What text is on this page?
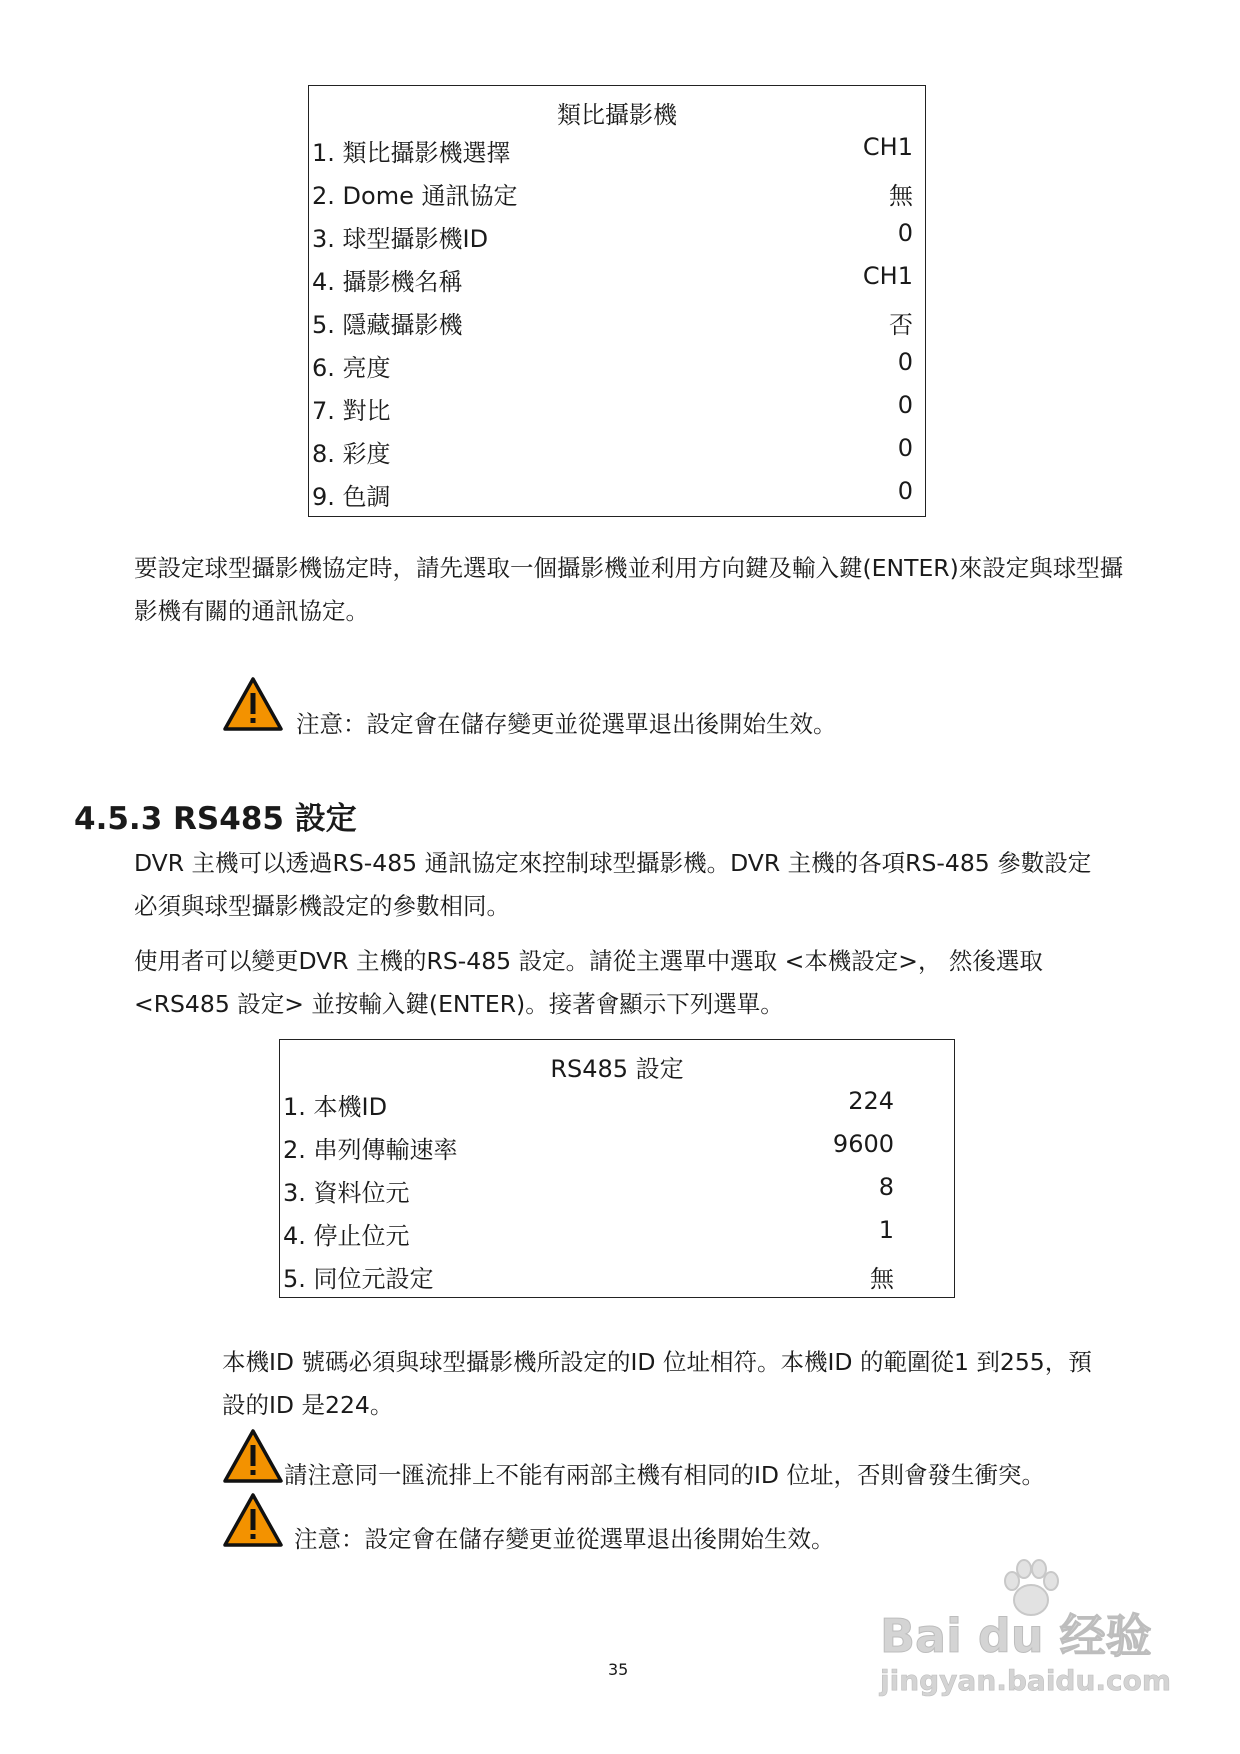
類比攝影機
1. 類比攝影機選擇	CH1
2. Dome 通訊協定	無
3. 球型攝影機ID	0
4. 攝影機名稱	CH1
5. 隱藏攝影機	否
6. 亮度	0
7. 對比	0
8. 彩度	0
9. 色調	0
要設定球型攝影機協定時，請先選取一個攝影機並利用方向鍵及輸入鍵(ENTER)來設定與球型攝
影機有關的通訊協定。
注意：設定會在儲存變更並從選單退出後開始生效。
4.5.3 RS485 設定
DVR 主機可以透過RS-485 通訊協定來控制球型攝影機。DVR 主機的各項RS-485 參數設定
必須與球型攝影機設定的參數相同。
使用者可以變更DVR 主機的RS-485 設定。請從主選單中選取 <本機設定>， 然後選取
<RS485 設定> 並按輸入鍵(ENTER)。接著會顯示下列選單。
RS485 設定
1. 本機ID	224
2. 串列傳輸速率	9600
3. 資料位元	8
4. 停止位元	1
5. 同位元設定	無
本機ID 號碼必須與球型攝影機所設定的ID 位址相符。本機ID 的範圍從1 到255，預
設的ID 是224。
請注意同一匯流排上不能有兩部主機有相同的ID 位址，否則會發生衝突。
注意：設定會在儲存變更並從選單退出後開始生效。
Bai du 经验
jingyan.baidu.com
35
